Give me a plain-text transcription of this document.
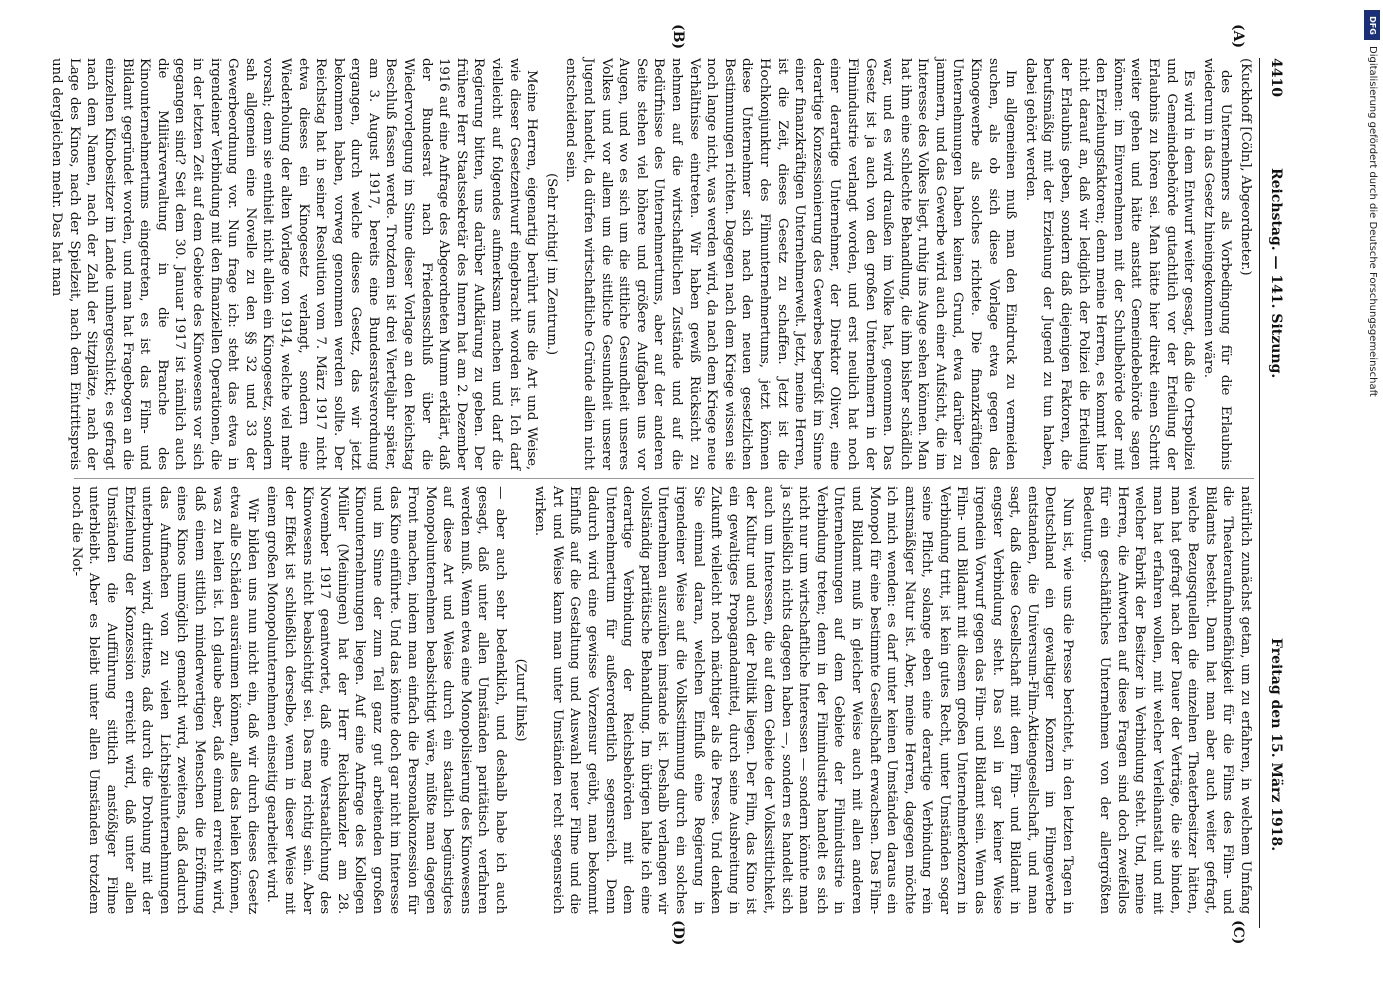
4410
Reichstag. — 141. Sitzung.
Freitag den 15. März 1918.

(Kuckhoff [Cöln], Abgeordneter.)

des Unternehmers als Vorbedingung für die Erlaubnis wiederum in das Gesetz hineingekommen wäre.

Es wird in dem Entwurf weiter gesagt, daß die Ortspolizei und Gemeindebehörde gutachtlich vor der Erteilung der Erlaubnis zu hören sei. Man hätte hier direkt einen Schritt weiter gehen und hätte anstatt Gemeindebehörde sagen können: im Einvernehmen mit der Schulbehörde oder mit den Erziehungsfaktoren; denn meine Herren, es kommt hier nicht darauf an, daß wir lediglich der Polizei die Erteilung der Erlaubnis geben, sondern daß diejenigen Faktoren, die berufsmäßig mit der Erziehung der Jugend zu tun haben, dabei gehört werden.

Im allgemeinen muß man den Eindruck zu vermeiden suchen, als ob sich diese Vorlage etwa gegen das Kinogewerbe als solches richtete. Die finanzkräftigen Unternehmungen haben keinen Grund, etwa darüber zu jammern, und das Gewerbe wird auch einer Aufsicht, die im Interesse des Volkes liegt, ruhig ins Auge sehen können. Man hat ihm eine schlechte Behandlung, die ihm bisher schädlich war, und es wird draußen im Volke hat, genommen. Das Gesetz ist ja auch von den großen Unternehmern in der Filmindustrie verlangt worden, und erst neulich hat noch einer derartige Unternehmer, der Direktor Oliver, eine derartige Konzessionierung des Gewerbes begrüßt im Sinne einer finanzkräftigen Unternehmerwelt. Jetzt, meine Herren, ist die Zeit, dieses Gesetz zu schaffen. Jetzt ist die Hochkonjunktur des Filmunternehmertums, jetzt können diese Unternehmer sich nach den neuen gesetzlichen Bestimmungen richten. Dagegen nach dem Kriege wissen sie noch lange nicht, was werden wird, da nach dem Kriege neue Verhältnisse eintreten. Wir haben gewiß Rücksicht zu nehmen auf die wirtschaftlichen Zustände und auf die Bedürfnisse des Unternehmertums, aber auf der anderen Seite stehen viel höhere und größere Aufgaben uns vor Augen, und wo es sich um die sittliche Gesundheit unseres Volkes und vor allem um die sittliche Gesundheit unserer Jugend handelt, da dürfen wirtschaftliche Gründe allein nicht entscheidend sein.

(Sehr richtig! im Zentrum.)

Meine Herren, eigenartig berührt uns die Art und Weise, wie dieser Gesetzentwurf eingebracht worden ist. Ich darf vielleicht auf folgendes aufmerksam machen und darf die Regierung bitten, uns darüber Aufklärung zu geben. Der frühere Herr Staatssekretär des Innern hat am 2. Dezember 1916 auf eine Anfrage des Abgeordneten Mumm erklärt, daß der Bundesrat nach Friedensschluß über die Wiedervorlegung im Sinne dieser Vorlage an den Reichstag Beschluß fassen werde. Trotzdem ist drei Vierteljahr später, am 3. August 1917, bereits eine Bundesratsverordnung ergangen, durch welche dieses Gesetz, das wir jetzt bekommen haben, vorweg genommen werden sollte. Der Reichstag hat in seiner Resolution vom 7. März 1917 nicht etwa dieses ein Kinogesetz verlangt, sondern eine Wiederholung der alten Vorlage von 1914, welche viel mehr vorsah; denn sie enthielt nicht allein ein Kinogesetz, sondern sah allgemein eine Novelle zu den §§ 32 und 33 der Gewerbeordnung vor. Nun frage ich: steht das etwa in irgendeiner Verbindung mit den finanziellen Operationen, die in der letzten Zeit auf dem Gebiete des Kinowesens vor sich gegangen sind? Seit dem 30. Januar 1917 ist nämlich auch die Militärverwaltung in die Branche des Kinounternehmertums eingetreten, es ist das Film- und Bildamt gegründet worden, und man hat Fragebogen an die einzelnen Kinobesitzer im Lande umhergeschickt; es gefragt nach dem Namen, nach der Zahl der Sitzplätze, nach der Lage des Kinos, nach der Spielzeit, nach dem Eintrittspreis und dergleichen mehr. Das hat man

natürlich zunächst getan, um zu erfahren, in welchem Umfang die Theateraufnahmefähigkeit für die Films des Film- und Bildamts besteht. Dann hat man aber auch weiter gefragt, welche Bezugsquellen die einzelnen Theaterbesitzer hätten, man hat gefragt nach der Dauer der Verträge, die sie binden, man hat erfahren wollen, mit welcher Verleihanstalt und mit welcher Fabrik der Besitzer in Verbindung steht. Und, meine Herren, die Antworten auf diese Fragen sind doch zweifellos für ein geschäftliches Unternehmen von der allergrößten Bedeutung.

Nun ist, wie uns die Presse berichtet, in den letzten Tagen in Deutschland ein gewaltiger Konzern im Filmgewerbe entstanden, die Universum-Film-Aktiengesellschaft, und man sagt, daß diese Gesellschaft mit dem Film- und Bildamt in engster Verbindung steht. Das soll in gar keiner Weise irgendein Vorwurf gegen das Film- und Bildamt sein. Wenn das Film- und Bildamt mit diesem großen Unternehmerkonzern in Verbindung tritt, ist kein gutes Recht, unter Umständen sogar seine Pflicht, solange eben eine derartige Verbindung rein amtsmäßiger Natur ist. Aber, meine Herren, dagegen möchte ich mich wenden: es darf unter keinen Umständen daraus ein Monopol für eine bestimmte Gesellschaft erwachsen. Das Film- und Bildamt muß in gleicher Weise auch mit allen anderen Unternehmungen auf dem Gebiete der Filmindustrie in Verbindung treten; denn in der Filmindustrie handelt es sich nicht nur um wirtschaftliche Interessen — sondern könnte man ja schließlich nichts dagegen haben —, sondern es handelt sich auch um Interessen, die auf dem Gebiete der Volkssittlichkeit, der Kultur und auch der Politik liegen. Der Film, das Kino ist ein gewaltiges Propagandamittel, durch seine Ausbreitung in Zukunft vielleicht noch mächtiger als die Presse. Und denken Sie einmal daran, welchen Einfluß eine Regierung in irgendeiner Weise auf die Volksstimmung durch ein solches Unternehmen auszuüben imstande ist. Deshalb verlangen wir vollständig paritätische Behandlung. Im übrigen halte ich eine derartige Verbindung der Reichsbehörden mit dem Unternehmertum für außerordentlich segensreich. Denn dadurch wird eine gewisse Vorzensur geübt, man bekommt Einfluß auf die Gestaltung und Auswahl neuer Filme und die Art und Weise kann man unter Umständen recht segensreich wirken.

(Zuruf links)

— aber auch sehr bedenklich, und deshalb habe ich auch gesagt, daß unter allen Umständen paritätisch verfahren werden muß. Wenn etwa eine Monopolisierung des Kinowesens auf diese Art und Weise durch ein staatlich begünstigtes Monopolunternehmen beabsichtigt wäre, müßte man dagegen Front machen, indem man einfach die Personalkonzession für das Kino einführte. Und das könnte doch gar nicht im Interesse und im Sinne der zum Teil ganz gut arbeitenden großen Kinounternehmungen liegen. Auf eine Anfrage des Kollegen Müller (Meiningen) hat der Herr Reichskanzler am 28. November 1917 geantwortet, daß eine Verstaatlichung des Kinowesens nicht beabsichtigt sei. Das mag richtig sein. Aber der Effekt ist schließlich derselbe, wenn in dieser Weise mit einem großen Monopolunternehmen einseitig gearbeitet wird.

Wir bilden uns nun nicht ein, daß wir durch dieses Gesetz etwa alle Schäden ausräumen können, alles das heilen können, was zu heilen ist. Ich glaube aber, daß einmal erreicht wird, daß einem sittlich minderwertigen Menschen die Eröffnung eines Kinos unmöglich gemacht wird, zweitens, daß dadurch das Aufmachen von zu vielen Lichtspielunternehmungen unterbunden wird, drittens, daß durch die Drohung mit der Entziehung der Konzession erreicht wird, daß unter allen Umständen die Aufführung sittlich anstößiger Filme unterbleibt. Aber es bleibt unter allen Umständen trotzdem noch die Not-

(A)
(B)
(C)
(D)
DFG
Digitalisierung gefördert durch die Deutsche Forschungsgemeinschaft
